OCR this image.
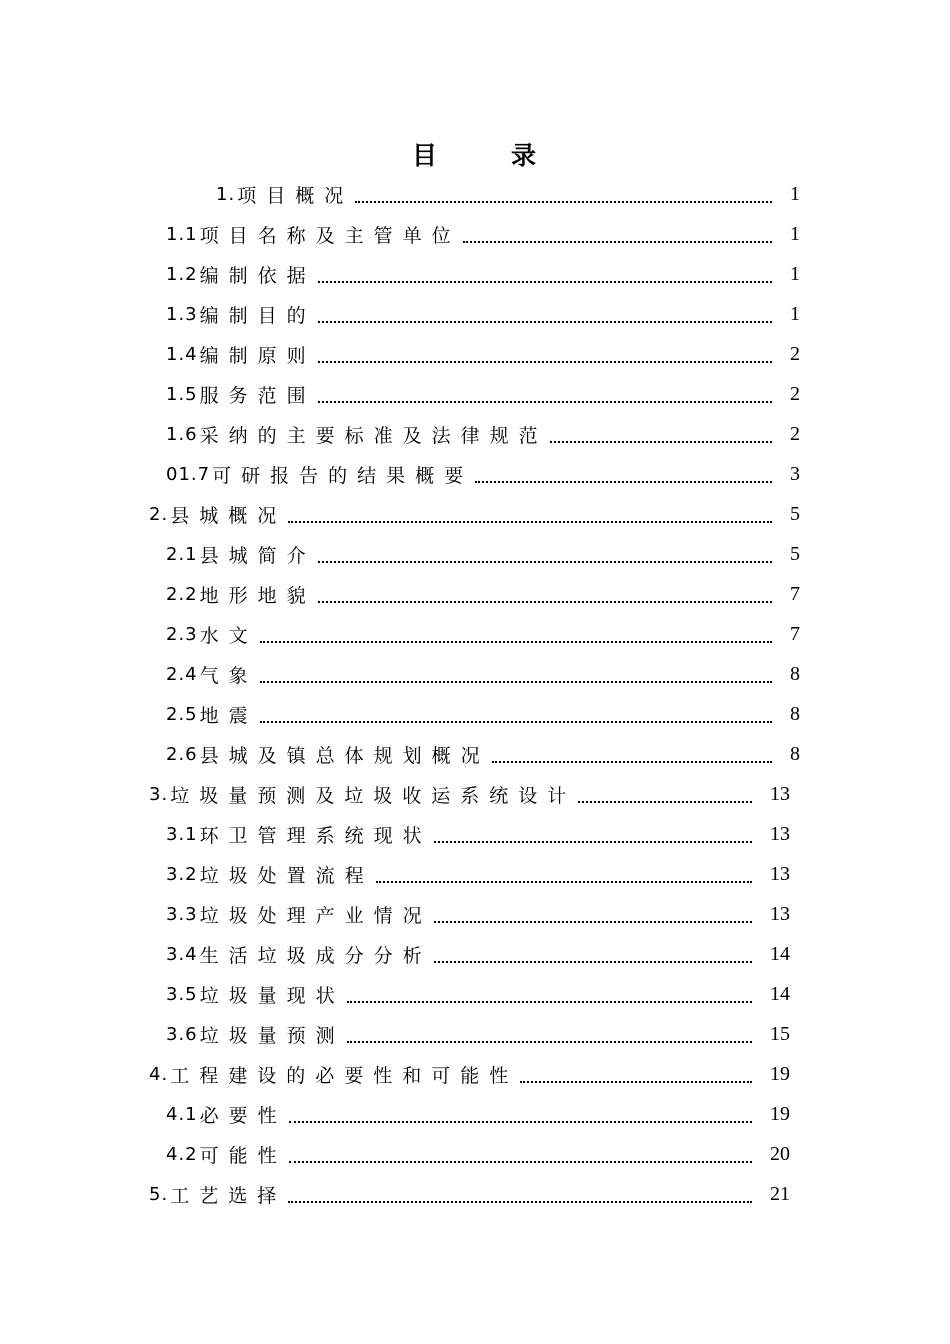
目	录
1. 项目概况	1
1.1 项目名称及主管单位	1
1.2 编制依据	1
1.3 编制目的	1
1.4 编制原则	2
1.5 服务范围	2
1.6 采纳的主要标准及法律规范	2
01.7 可研报告的结果概要	3
2. 县城概况	5
2.1 县城简介	5
2.2 地形地貌	7
2.3 水文	7
2.4 气象	8
2.5 地震	8
2.6 县城及镇总体规划概况	8
3. 垃圾量预测及垃圾收运系统设计	13
3.1 环卫管理系统现状	13
3.2 垃圾处置流程	13
3.3 垃圾处理产业情况	13
3.4 生活垃圾成分分析	14
3.5 垃圾量现状	14
3.6 垃圾量预测	15
4. 工程建设的必要性和可能性	19
4.1 必要性	19
4.2 可能性	20
5. 工艺选择	21
